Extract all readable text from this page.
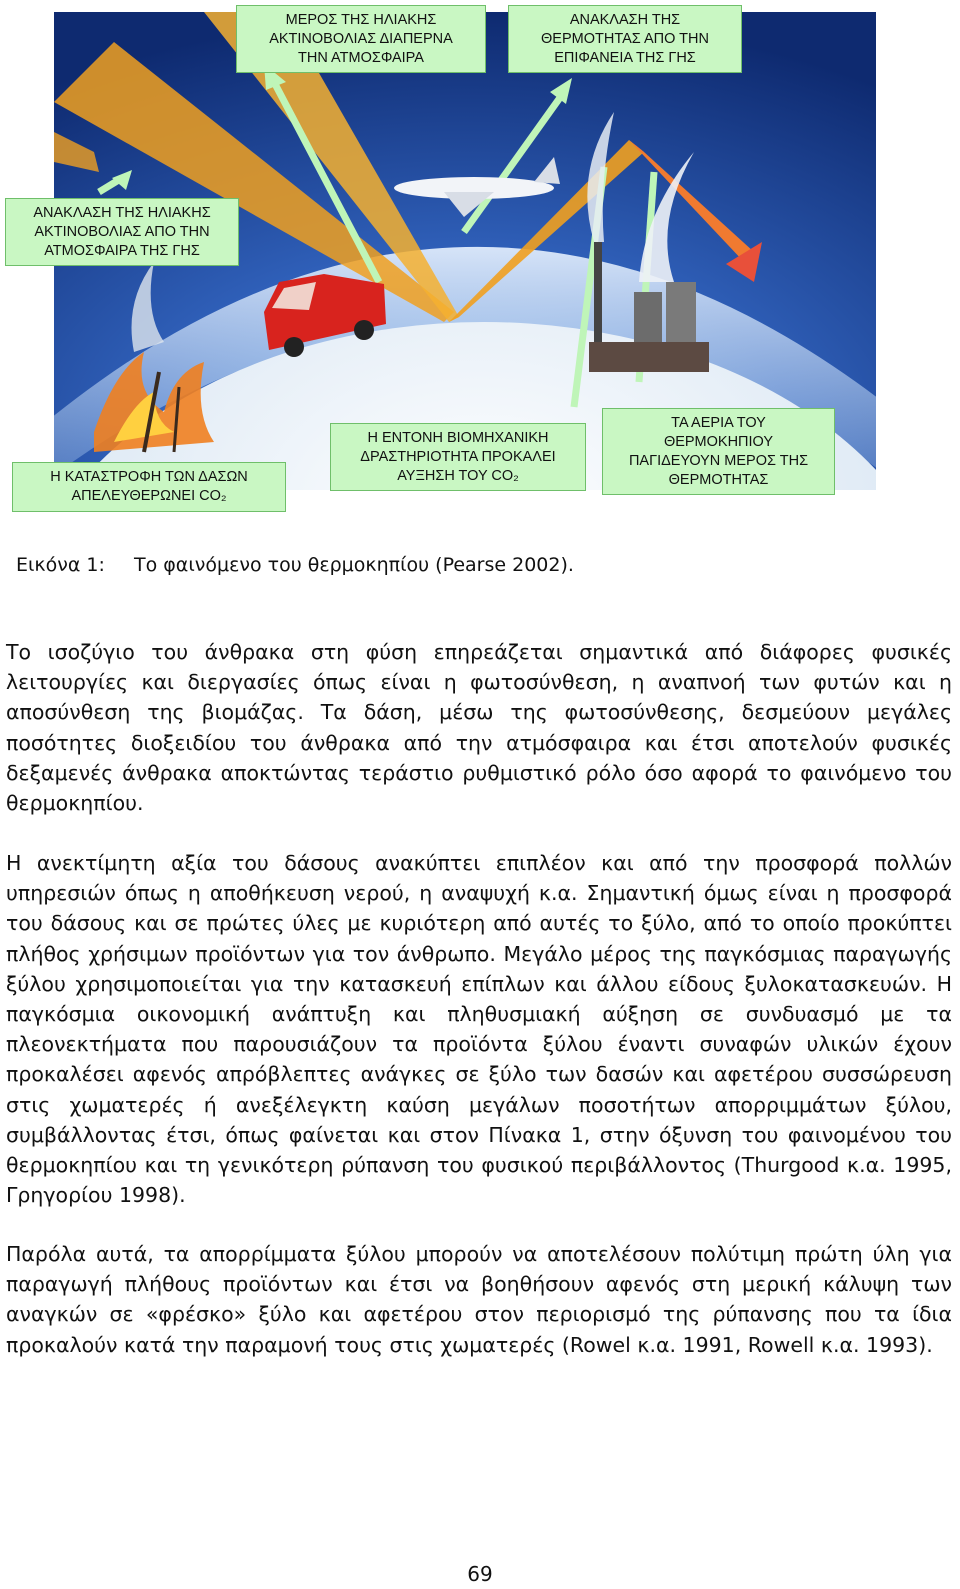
ΜΕΡΟΣ ΤΗΣ ΗΛΙΑΚΗΣ
ΑΚΤΙΝΟΒΟΛΙΑΣ ΔΙΑΠΕΡΝΑ
ΤΗΝ ΑΤΜΟΣΦΑΙΡΑ
ΑΝΑΚΛΑΣΗ ΤΗΣ
ΘΕΡΜΟΤΗΤΑΣ ΑΠΟ ΤΗΝ
ΕΠΙΦΑΝΕΙΑ ΤΗΣ ΓΗΣ
ΑΝΑΚΛΑΣΗ ΤΗΣ ΗΛΙΑΚΗΣ
ΑΚΤΙΝΟΒΟΛΙΑΣ ΑΠΟ ΤΗΝ
ΑΤΜΟΣΦΑΙΡΑ ΤΗΣ ΓΗΣ
Η ΚΑΤΑΣΤΡΟΦΗ ΤΩΝ ΔΑΣΩΝ
ΑΠΕΛΕΥΘΕΡΩΝΕΙ CO₂
Η ΕΝΤΟΝΗ ΒΙΟΜΗΧΑΝΙΚΗ
ΔΡΑΣΤΗΡΙΟΤΗΤΑ ΠΡΟΚΑΛΕΙ
ΑΥΞΗΣΗ ΤΟΥ CO₂
ΤΑ ΑΕΡΙΑ ΤΟΥ
ΘΕΡΜΟΚΗΠΙΟΥ
ΠΑΓΙΔΕΥΟΥΝ ΜΕΡΟΣ ΤΗΣ
ΘΕΡΜΟΤΗΤΑΣ
Εικόνα 1: Το φαινόμενο του θερμοκηπίου (Pearse 2002).

Το ισοζύγιο του άνθρακα στη φύση επηρεάζεται σημαντικά από διάφορες φυσικές λειτουργίες και διεργασίες όπως είναι η φωτοσύνθεση, η αναπνοή των φυτών και η αποσύνθεση της βιομάζας. Τα δάση, μέσω της φωτοσύνθεσης, δεσμεύουν μεγάλες ποσότητες διοξειδίου του άνθρακα από την ατμόσφαιρα και έτσι αποτελούν φυσικές δεξαμενές άνθρακα αποκτώντας τεράστιο ρυθμιστικό ρόλο όσο αφορά το φαινόμενο του θερμοκηπίου.

Η ανεκτίμητη αξία του δάσους ανακύπτει επιπλέον και από την προσφορά πολλών υπηρεσιών όπως η αποθήκευση νερού, η αναψυχή κ.α. Σημαντική όμως είναι η προσφορά του δάσους και σε πρώτες ύλες με κυριότερη από αυτές το ξύλο, από το οποίο προκύπτει πλήθος χρήσιμων προϊόντων για τον άνθρωπο. Μεγάλο μέρος της παγκόσμιας παραγωγής ξύλου χρησιμοποιείται για την κατασκευή επίπλων και άλλου είδους ξυλοκατασκευών. Η παγκόσμια οικονομική ανάπτυξη και πληθυσμιακή αύξηση σε συνδυασμό με τα πλεονεκτήματα που παρουσιάζουν τα προϊόντα ξύλου έναντι συναφών υλικών έχουν προκαλέσει αφενός απρόβλεπτες ανάγκες σε ξύλο των δασών και αφετέρου συσσώρευση στις χωματερές ή ανεξέλεγκτη καύση μεγάλων ποσοτήτων απορριμμάτων ξύλου, συμβάλλοντας έτσι, όπως φαίνεται και στον Πίνακα 1, στην όξυνση του φαινομένου του θερμοκηπίου και τη γενικότερη ρύπανση του φυσικού περιβάλλοντος (Thurgood κ.α. 1995, Γρηγορίου 1998).

Παρόλα αυτά, τα απορρίμματα ξύλου μπορούν να αποτελέσουν πολύτιμη πρώτη ύλη για παραγωγή πλήθους προϊόντων και έτσι να βοηθήσουν αφενός στη μερική κάλυψη των αναγκών σε «φρέσκο» ξύλο και αφετέρου στον περιορισμό της ρύπανσης που τα ίδια προκαλούν κατά την παραμονή τους στις χωματερές (Rowel κ.α. 1991, Rowell κ.α. 1993).

69
